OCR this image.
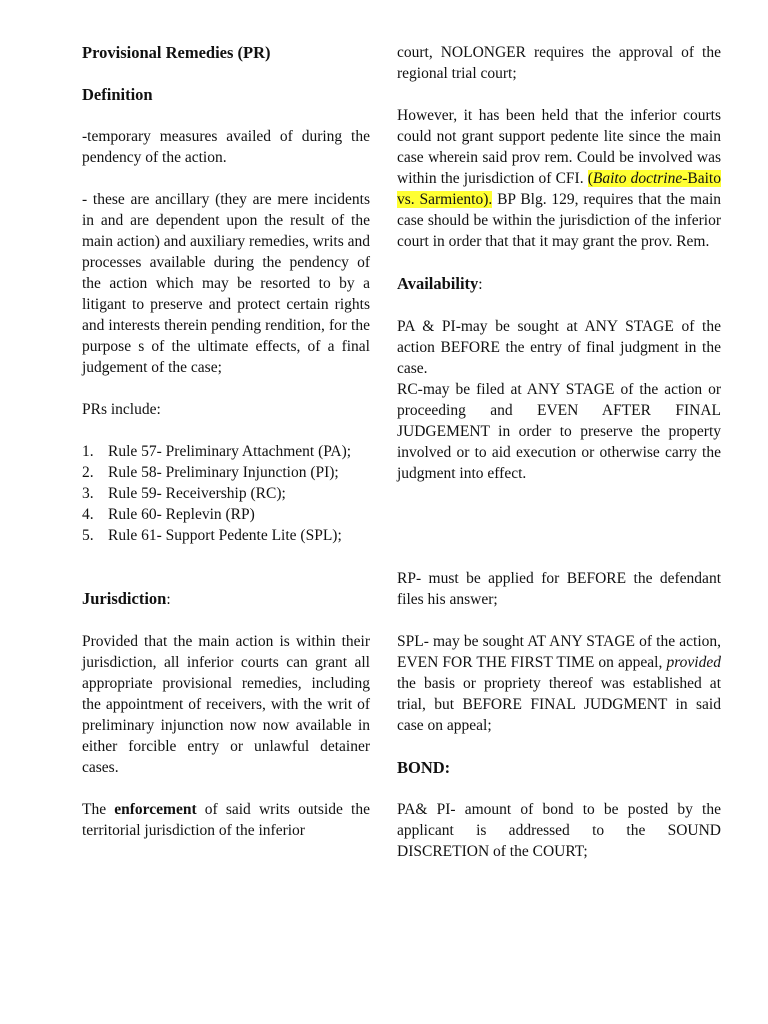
Provisional Remedies (PR)

Definition

-temporary measures availed of during the pendency of the action.

- these are ancillary (they are mere incidents in and are dependent upon the result of the main action) and auxiliary remedies, writs and processes available during the pendency of the action which may be resorted to by a litigant to preserve and protect certain rights and interests therein pending rendition, for the purpose s of the ultimate effects, of a final judgement of the case;

PRs include:

1. Rule 57- Preliminary Attachment (PA);
2. Rule 58- Preliminary Injunction (PI);
3. Rule 59- Receivership (RC);
4. Rule 60- Replevin (RP)
5. Rule 61- Support Pedente Lite (SPL);

Jurisdiction:

Provided that the main action is within their jurisdiction, all inferior courts can grant all appropriate provisional remedies, including the appointment of receivers, with the writ of preliminary injunction now now available in either forcible entry or unlawful detainer cases.

The enforcement of said writs outside the territorial jurisdiction of the inferior

court, NOLONGER requires the approval of the regional trial court;

However, it has been held that the inferior courts could not grant support pedente lite since the main case wherein said prov rem. Could be involved was within the jurisdiction of CFI. (Baito doctrine-Baito vs. Sarmiento). BP Blg. 129, requires that the main case should be within the jurisdiction of the inferior court in order that that it may grant the prov. Rem.

Availability:

PA & PI-may be sought at ANY STAGE of the action BEFORE the entry of final judgment in the case.

RC-may be filed at ANY STAGE of the action or proceeding and EVEN AFTER FINAL JUDGEMENT in order to preserve the property involved or to aid execution or otherwise carry the judgment into effect.

RP- must be applied for BEFORE the defendant files his answer;

SPL- may be sought AT ANY STAGE of the action, EVEN FOR THE FIRST TIME on appeal, provided the basis or propriety thereof was established at trial, but BEFORE FINAL JUDGMENT in said case on appeal;

BOND:

PA& PI- amount of bond to be posted by the applicant is addressed to the SOUND DISCRETION of the COURT;
